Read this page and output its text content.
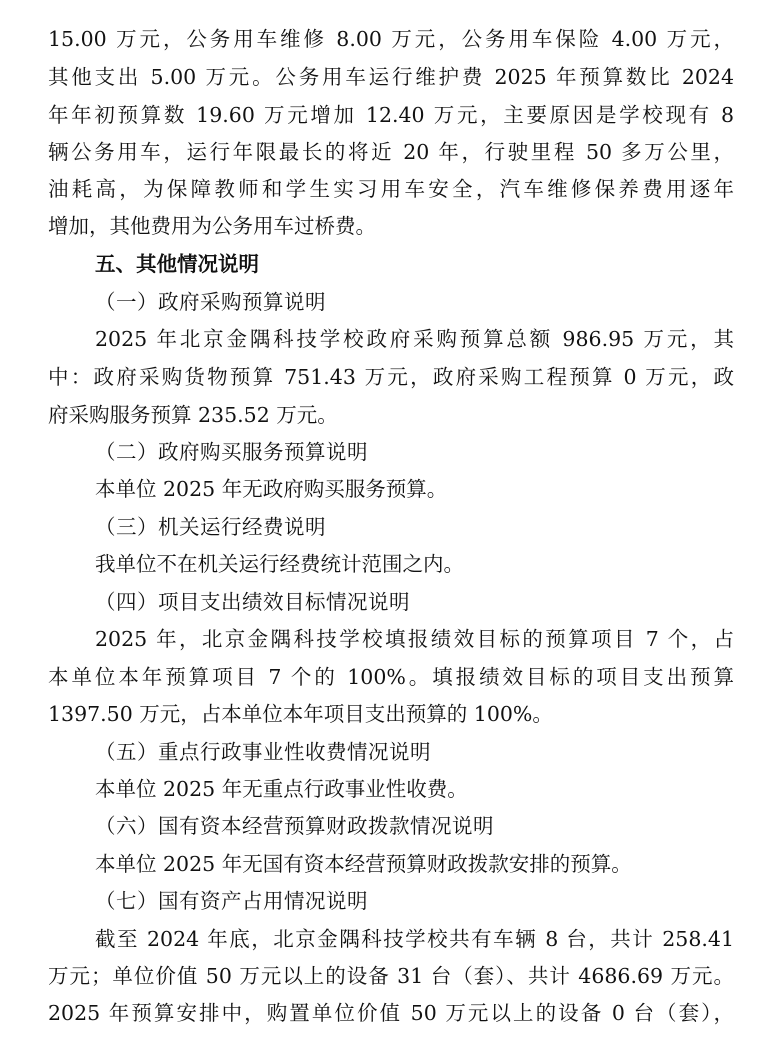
15.00 万元，公务用车维修 8.00 万元，公务用车保险 4.00 万元，
其他支出 5.00 万元。公务用车运行维护费 2025 年预算数比 2024
年年初预算数 19.60 万元增加 12.40 万元，主要原因是学校现有 8
辆公务用车，运行年限最长的将近 20 年，行驶里程 50 多万公里，
油耗高，为保障教师和学生实习用车安全，汽车维修保养费用逐年
增加，其他费用为公务用车过桥费。
五、其他情况说明
（一）政府采购预算说明
2025 年北京金隅科技学校政府采购预算总额 986.95 万元，其
中：政府采购货物预算 751.43 万元，政府采购工程预算 0 万元，政
府采购服务预算 235.52 万元。
（二）政府购买服务预算说明
本单位 2025 年无政府购买服务预算。
（三）机关运行经费说明
我单位不在机关运行经费统计范围之内。
（四）项目支出绩效目标情况说明
2025 年，北京金隅科技学校填报绩效目标的预算项目 7 个，占
本单位本年预算项目 7 个的 100%。填报绩效目标的项目支出预算
1397.50 万元，占本单位本年项目支出预算的 100%。
（五）重点行政事业性收费情况说明
本单位 2025 年无重点行政事业性收费。
（六）国有资本经营预算财政拨款情况说明
本单位 2025 年无国有资本经营预算财政拨款安排的预算。
（七）国有资产占用情况说明
截至 2024 年底，北京金隅科技学校共有车辆 8 台，共计 258.41
万元；单位价值 50 万元以上的设备 31 台（套）、共计 4686.69 万元。
2025 年预算安排中，购置单位价值 50 万元以上的设备 0 台（套），
